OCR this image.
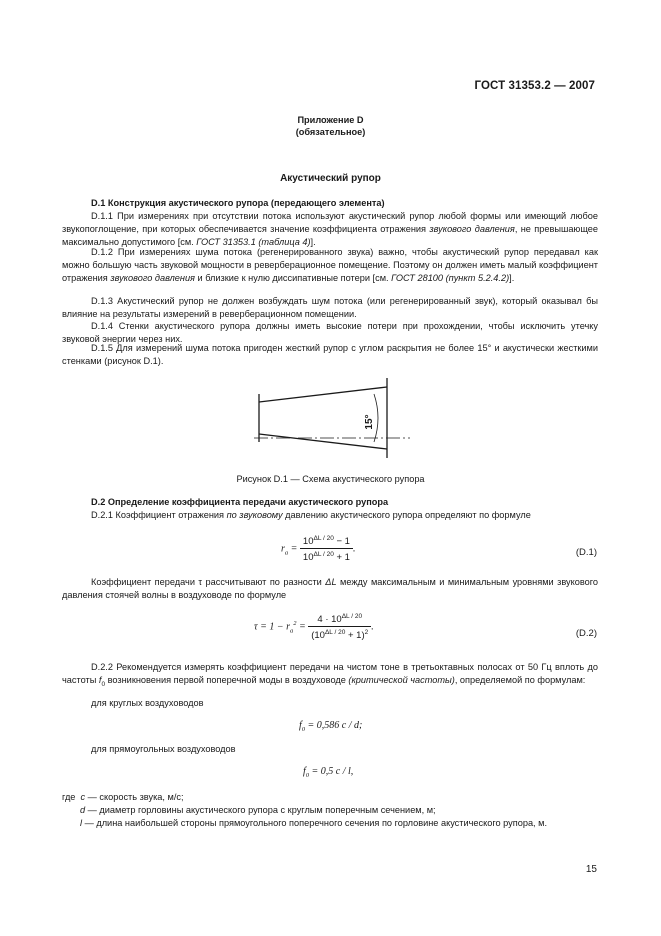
ГОСТ 31353.2 — 2007
Приложение D
(обязательное)
Акустический рупор
D.1 Конструкция акустического рупора (передающего элемента)
D.1.1 При измерениях при отсутствии потока используют акустический рупор любой формы или имеющий любое звукопоглощение, при которых обеспечивается значение коэффициента отражения звукового давления, не превышающее максимально допустимого [см. ГОСТ 31353.1 (таблица 4)].
D.1.2 При измерениях шума потока (регенерированного звука) важно, чтобы акустический рупор передавал как можно большую часть звуковой мощности в реверберационное помещение. Поэтому он должен иметь малый коэффициент отражения звукового давления и близкие к нулю диссипативные потери [см. ГОСТ 28100 (пункт 5.2.4.2)].
D.1.3 Акустический рупор не должен возбуждать шум потока (или регенерированный звук), который оказывал бы влияние на результаты измерений в реверберационном помещении.
D.1.4 Стенки акустического рупора должны иметь высокие потери при прохождении, чтобы исключить утечку звуковой энергии через них.
D.1.5 Для измерений шума потока пригоден жесткий рупор с углом раскрытия не более 15° и акустически жесткими стенками (рисунок D.1).
15°
Рисунок D.1 — Схема акустического рупора
D.2 Определение коэффициента передачи акустического рупора
D.2.1 Коэффициент отражения по звуковому давлению акустического рупора определяют по формуле
$r_a = \frac{10^{\Delta L / 20} - 1}{10^{\Delta L / 20} + 1}$ .	(D.1)
Коэффициент передачи τ рассчитывают по разности ΔL между максимальным и минимальным уровнями звукового давления стоячей волны в воздуховоде по формуле
$\tau = 1 - r_a^2 = \frac{4 \cdot 10^{\Delta L / 20}}{(10^{\Delta L / 20} + 1)^2}$ .
(D.2)
D.2.2 Рекомендуется измерять коэффициент передачи на чистом тоне в третьоктавных полосах от 50 Гц вплоть до частоты $f_0$ возникновения первой поперечной моды в воздуховоде (критической частоты), определяемой по формулам:
для круглых воздуховодов
$f_0 = 0,586$ c / d;
для прямоугольных воздуховодов
$f_0 = 0,5$ c / l,
где  c — скорость звука, м/с;
d — диаметр горловины акустического рупора с круглым поперечным сечением, м;
l — длина наибольшей стороны прямоугольного поперечного сечения по горловине акустического рупора, м.
15
